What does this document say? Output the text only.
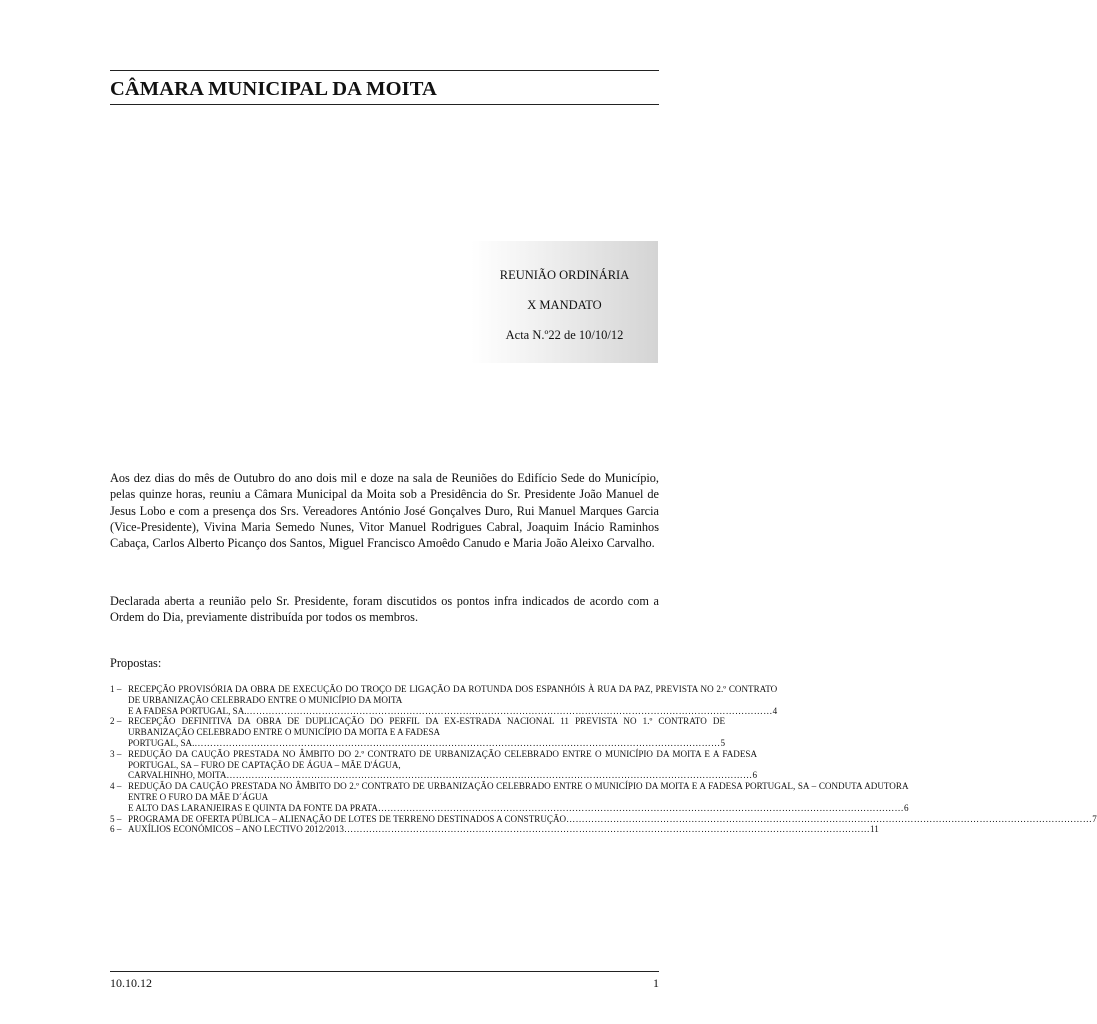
CÂMARA MUNICIPAL DA MOITA
REUNIÃO ORDINÁRIA
X MANDATO
Acta N.º22 de 10/10/12

Aos dez dias do mês de Outubro do ano dois mil e doze na sala de Reuniões do Edifício Sede do Município, pelas quinze horas, reuniu a Câmara Municipal da Moita sob a Presidência do Sr. Presidente João Manuel de Jesus Lobo e com a presença dos Srs. Vereadores António José Gonçalves Duro, Rui Manuel Marques Garcia (Vice-Presidente), Vivina Maria Semedo Nunes, Vitor Manuel Rodrigues Cabral, Joaquim Inácio Raminhos Cabaça, Carlos Alberto Picanço dos Santos, Miguel Francisco Amoêdo Canudo e Maria João Aleixo Carvalho.

Declarada aberta a reunião pelo Sr. Presidente, foram discutidos os pontos infra indicados de acordo com a Ordem do Dia, previamente distribuída por todos os membros.

Propostas:

1 – RECEPÇÃO PROVISÓRIA DA OBRA DE EXECUÇÃO DO TROÇO DE LIGAÇÃO DA ROTUNDA DOS ESPANHÓIS À RUA DA PAZ, PREVISTA NO 2.º CONTRATO DE URBANIZAÇÃO CELEBRADO ENTRE O MUNICÍPIO DA MOITA
E A FADESA PORTUGAL, SA. …………………………………………………………………………………………………………………………………………………… 4
2 – RECEPÇÃO DEFINITIVA DA OBRA DE DUPLICAÇÃO DO PERFIL DA EX-ESTRADA NACIONAL 11 PREVISTA NO 1.º CONTRATO DE URBANIZAÇÃO CELEBRADO ENTRE O MUNICÍPIO DA MOITA E A FADESA
PORTUGAL, SA. …………………………………………………………………………………………………………………………………………………… 5
3 – REDUÇÃO DA CAUÇÃO PRESTADA NO ÂMBITO DO 2.º CONTRATO DE URBANIZAÇÃO CELEBRADO ENTRE O MUNICÍPIO DA MOITA E A FADESA PORTUGAL, SA – FURO DE CAPTAÇÃO DE ÁGUA – MÃE D'ÁGUA,
CARVALHINHO, MOITA …………………………………………………………………………………………………………………………………………………… 6
4 – REDUÇÃO DA CAUÇÃO PRESTADA NO ÂMBITO DO 2.º CONTRATO DE URBANIZAÇÃO CELEBRADO ENTRE O MUNICÍPIO DA MOITA E A FADESA PORTUGAL, SA – CONDUTA ADUTORA ENTRE O FURO DA MÃE D´ÁGUA
E ALTO DAS LARANJEIRAS E QUINTA DA FONTE DA PRATA …………………………………………………………………………………………………………………………………………………… 6
5 – PROGRAMA DE OFERTA PÚBLICA – ALIENAÇÃO DE LOTES DE TERRENO DESTINADOS A CONSTRUÇÃO …………………………………………………………………………………………………………………………………………………… 7
6 – AUXÍLIOS ECONÓMICOS – ANO LECTIVO 2012/2013 …………………………………………………………………………………………………………………………………………………… 11
10.10.12	1
